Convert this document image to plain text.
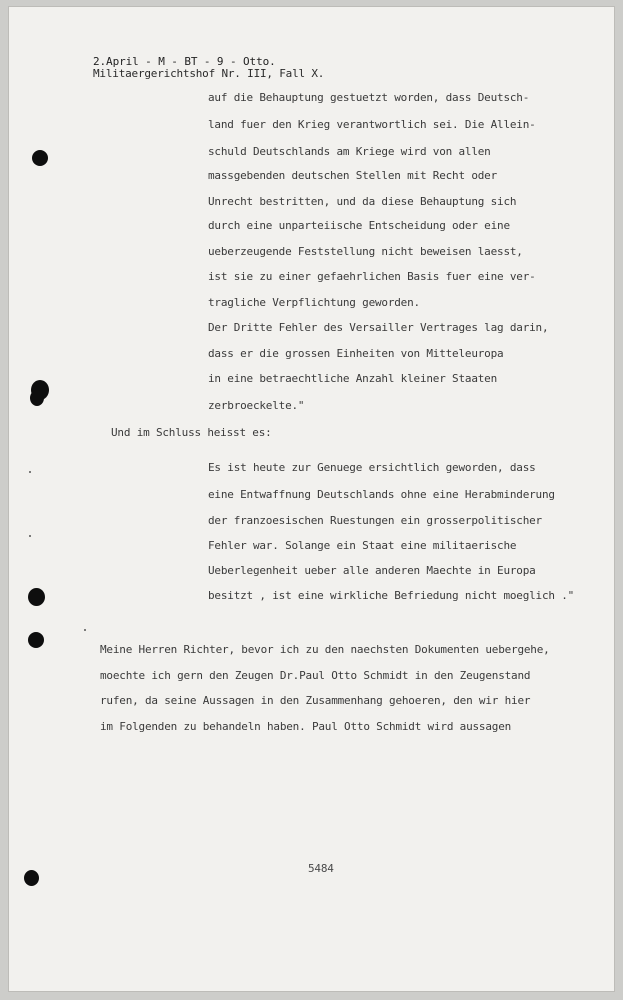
2.April - M - BT - 9 - Otto.

Militaergerichtshof Nr. III, Fall X.

auf die Behauptung gestuetzt worden, dass Deutsch-

land fuer den Krieg verantwortlich sei. Die Allein-

schuld Deutschlands am Kriege wird von allen

massgebenden deutschen Stellen mit Recht oder

Unrecht bestritten, und da diese Behauptung sich

durch eine unparteiische Entscheidung oder eine

ueberzeugende Feststellung nicht beweisen laesst,

ist sie zu einer gefaehrlichen Basis fuer eine ver-

tragliche Verpflichtung geworden.

Der Dritte Fehler des Versailler Vertrages lag darin,

dass er die grossen Einheiten von Mitteleuropa

in eine betraechtliche Anzahl kleiner Staaten

zerbroeckelte."

Und im Schluss heisst es:

Es ist heute zur Genuege ersichtlich geworden, dass

eine Entwaffnung Deutschlands ohne eine Herabminderung

der franzoesischen Ruestungen ein grosserpolitischer

Fehler war. Solange ein Staat eine militaerische

Ueberlegenheit ueber alle anderen Maechte in Europa

besitzt , ist eine wirkliche Befriedung nicht moeglich ."

Meine Herren Richter, bevor ich zu den naechsten Dokumenten uebergehe,

moechte ich gern den Zeugen Dr.Paul Otto Schmidt in den Zeugenstand

rufen, da seine Aussagen in den Zusammenhang gehoeren, den wir hier

im Folgenden zu behandeln haben. Paul Otto Schmidt wird aussagen

5484
